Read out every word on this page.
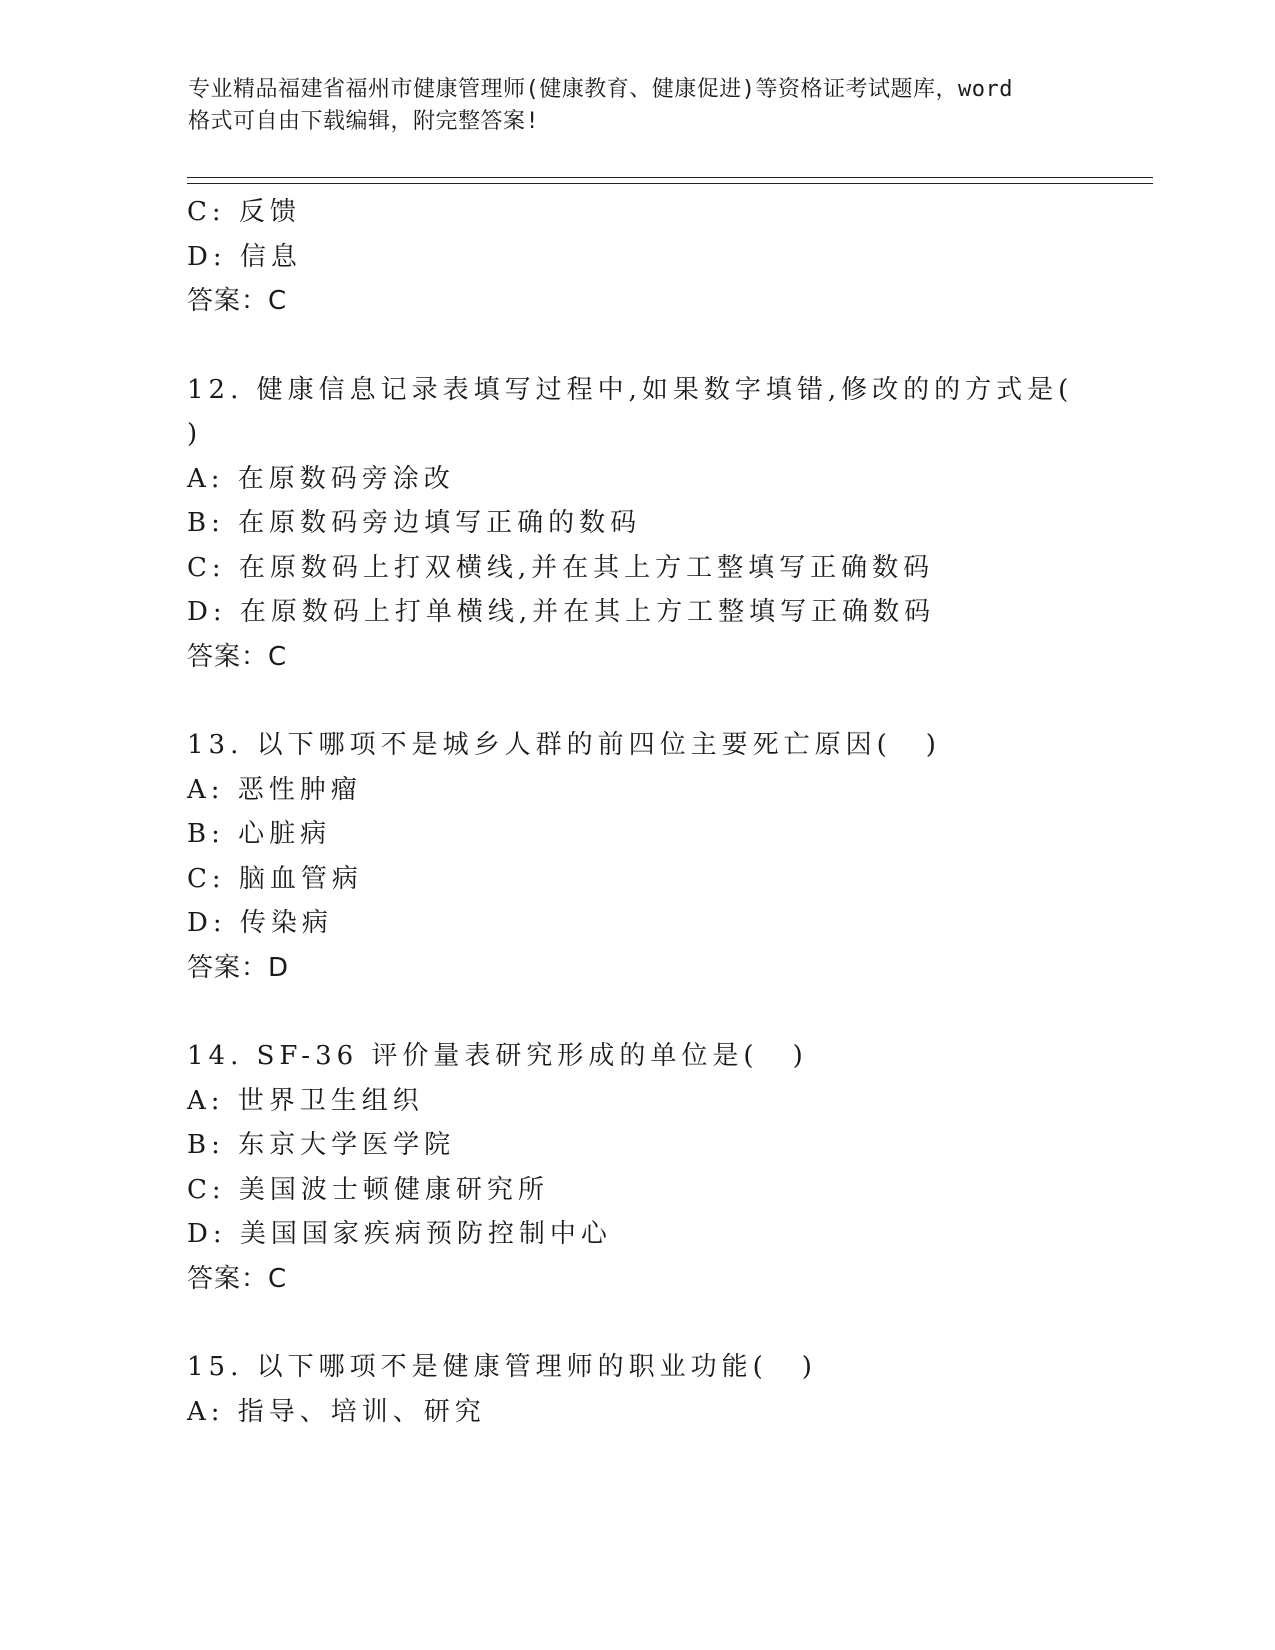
专业精品福建省福州市健康管理师(健康教育、健康促进)等资格证考试题库，word
格式可自由下载编辑，附完整答案!
C: 反馈
D: 信息
答案：C
12. 健康信息记录表填写过程中,如果数字填错,修改的的方式是(
)
A: 在原数码旁涂改
B: 在原数码旁边填写正确的数码
C: 在原数码上打双横线,并在其上方工整填写正确数码
D: 在原数码上打单横线,并在其上方工整填写正确数码
答案：C
13. 以下哪项不是城乡人群的前四位主要死亡原因( )
A: 恶性肿瘤
B: 心脏病
C: 脑血管病
D: 传染病
答案：D
14. SF-36 评价量表研究形成的单位是( )
A: 世界卫生组织
B: 东京大学医学院
C: 美国波士顿健康研究所
D: 美国国家疾病预防控制中心
答案：C
15. 以下哪项不是健康管理师的职业功能( )
A: 指导、培训、研究
